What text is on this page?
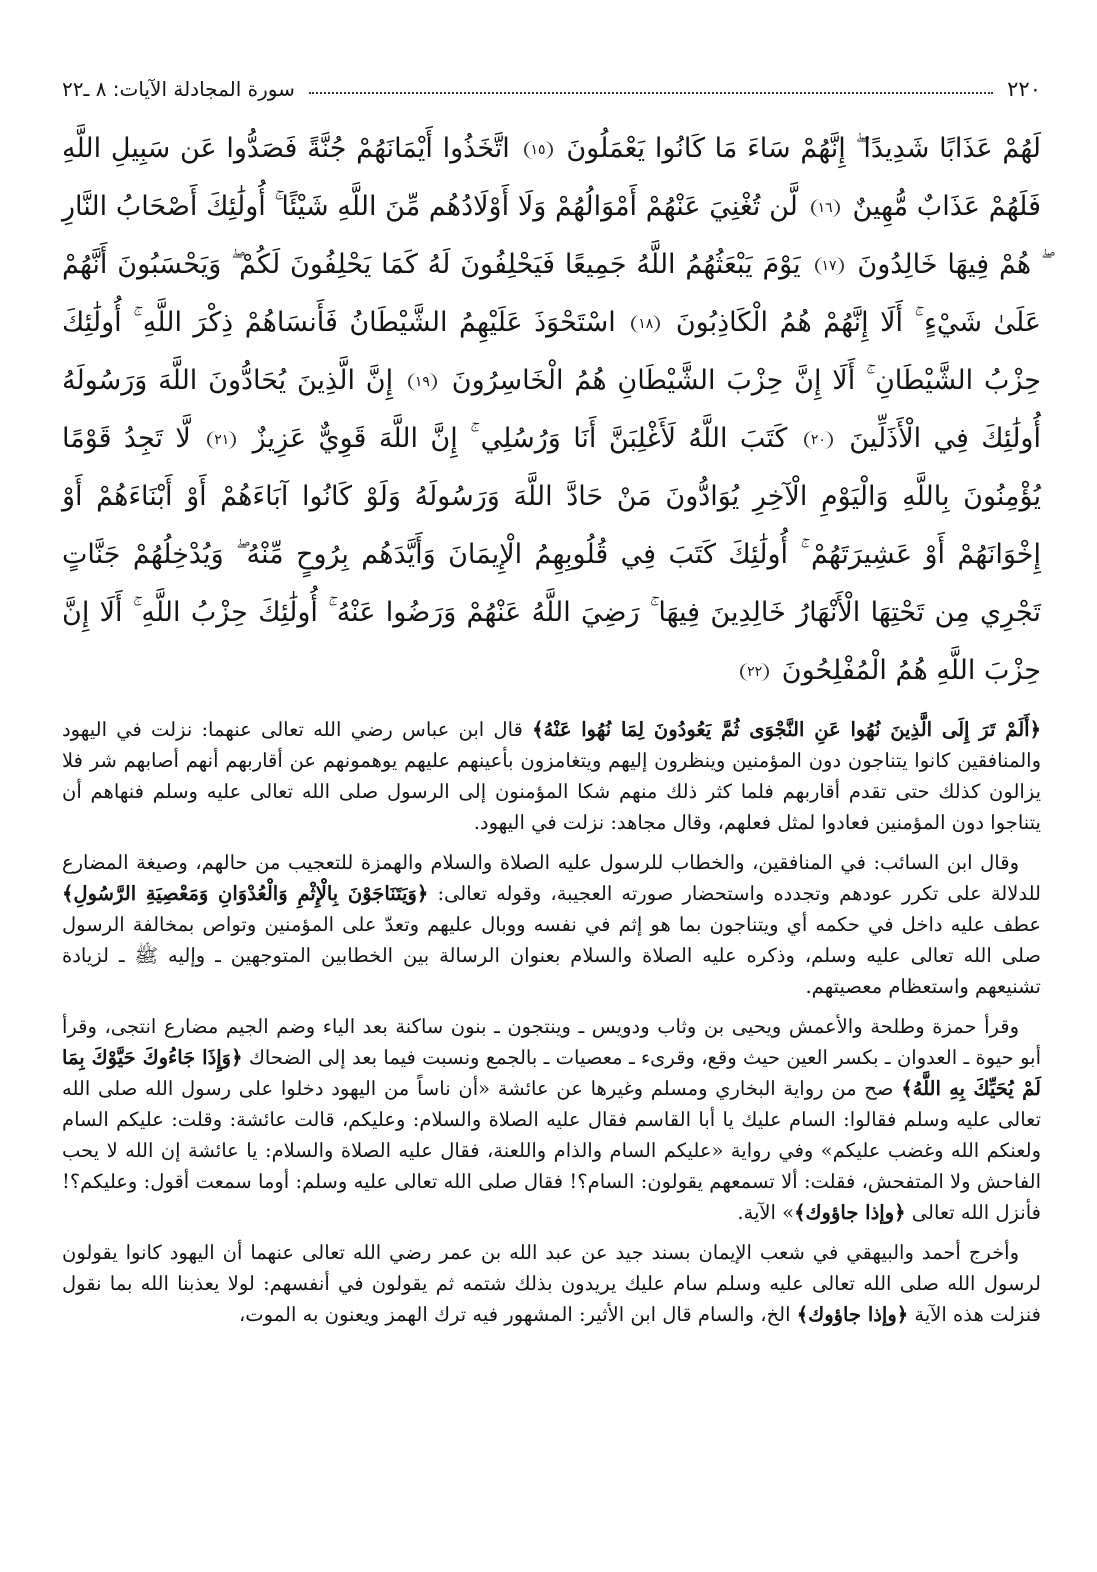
٢٢٠
سورة المجادلة الآيات: ٨ ـ٢٢
لَهُمْ عَذَابًا شَدِيدًا ۖ إِنَّهُمْ سَاءَ مَا كَانُوا يَعْمَلُونَ ١٥ اتَّخَذُوا أَيْمَانَهُمْ جُنَّةً فَصَدُّوا عَن سَبِيلِ اللَّهِ فَلَهُمْ عَذَابٌ مُّهِينٌ ١٦ لَّن تُغْنِيَ عَنْهُمْ أَمْوَالُهُمْ وَلَا أَوْلَادُهُم مِّنَ اللَّهِ شَيْئًا ۚ أُولَٰئِكَ أَصْحَابُ النَّارِ ۖ هُمْ فِيهَا خَالِدُونَ ١٧ يَوْمَ يَبْعَثُهُمُ اللَّهُ جَمِيعًا فَيَحْلِفُونَ لَهُ كَمَا يَحْلِفُونَ لَكُمْ ۖ وَيَحْسَبُونَ أَنَّهُمْ عَلَىٰ شَيْءٍ ۚ أَلَا إِنَّهُمْ هُمُ الْكَاذِبُونَ ١٨ اسْتَحْوَذَ عَلَيْهِمُ الشَّيْطَانُ فَأَنسَاهُمْ ذِكْرَ اللَّهِ ۚ أُولَٰئِكَ حِزْبُ الشَّيْطَانِ ۚ أَلَا إِنَّ حِزْبَ الشَّيْطَانِ هُمُ الْخَاسِرُونَ ١٩ إِنَّ الَّذِينَ يُحَادُّونَ اللَّهَ وَرَسُولَهُ أُولَٰئِكَ فِي الْأَذَلِّينَ ٢٠ كَتَبَ اللَّهُ لَأَغْلِبَنَّ أَنَا وَرُسُلِي ۚ إِنَّ اللَّهَ قَوِيٌّ عَزِيزٌ ٢١ لَّا تَجِدُ قَوْمًا يُؤْمِنُونَ بِاللَّهِ وَالْيَوْمِ الْآخِرِ يُوَادُّونَ مَنْ حَادَّ اللَّهَ وَرَسُولَهُ وَلَوْ كَانُوا آبَاءَهُمْ أَوْ أَبْنَاءَهُمْ أَوْ إِخْوَانَهُمْ أَوْ عَشِيرَتَهُمْ ۚ أُولَٰئِكَ كَتَبَ فِي قُلُوبِهِمُ الْإِيمَانَ وَأَيَّدَهُم بِرُوحٍ مِّنْهُ ۖ وَيُدْخِلُهُمْ جَنَّاتٍ تَجْرِي مِن تَحْتِهَا الْأَنْهَارُ خَالِدِينَ فِيهَا ۚ رَضِيَ اللَّهُ عَنْهُمْ وَرَضُوا عَنْهُ ۚ أُولَٰئِكَ حِزْبُ اللَّهِ ۚ أَلَا إِنَّ حِزْبَ اللَّهِ هُمُ الْمُفْلِحُونَ ٢٢

﴿أَلَمْ تَرَ إِلَى الَّذِينَ نُهُوا عَنِ النَّجْوَى ثُمَّ يَعُودُونَ لِمَا نُهُوا عَنْهُ﴾ قال ابن عباس رضي الله تعالى عنهما: نزلت في اليهود والمنافقين كانوا يتناجون دون المؤمنين وينظرون إليهم ويتغامزون بأعينهم عليهم يوهمونهم عن أقاربهم أنهم أصابهم شر فلا يزالون كذلك حتى تقدم أقاربهم فلما كثر ذلك منهم شكا المؤمنون إلى الرسول صلى الله تعالى عليه وسلم فنهاهم أن يتناجوا دون المؤمنين فعادوا لمثل فعلهم، وقال مجاهد: نزلت في اليهود.

وقال ابن السائب: في المنافقين، والخطاب للرسول عليه الصلاة والسلام والهمزة للتعجيب من حالهم، وصيغة المضارع للدلالة على تكرر عودهم وتجدده واستحضار صورته العجيبة، وقوله تعالى: ﴿وَيَتَنَاجَوْنَ بِالْإِثْمِ وَالْعُدْوَانِ وَمَعْصِيَةِ الرَّسُولِ﴾ عطف عليه داخل في حكمه أي ويتناجون بما هو إثم في نفسه ووبال عليهم وتعدّ على المؤمنين وتواص بمخالفة الرسول صلى الله تعالى عليه وسلم، وذكره عليه الصلاة والسلام بعنوان الرسالة بين الخطابين المتوجهين ـ وإليه ﷺ ـ لزيادة تشنيعهم واستعظام معصيتهم.

وقرأ حمزة وطلحة والأعمش ويحيى بن وثاب ودويس ـ وينتجون ـ بنون ساكنة بعد الياء وضم الجيم مضارع انتجى، وقرأ أبو حيوة ـ العدوان ـ بكسر العين حيث وقع، وقرىء ـ معصيات ـ بالجمع ونسبت فيما بعد إلى الضحاك ﴿وَإِذَا جَاءُوكَ حَيَّوْكَ بِمَا لَمْ يُحَيِّكَ بِهِ اللَّهُ﴾ صح من رواية البخاري ومسلم وغيرها عن عائشة «أن ناساً من اليهود دخلوا على رسول الله صلى الله تعالى عليه وسلم فقالوا: السام عليك يا أبا القاسم فقال عليه الصلاة والسلام: وعليكم، قالت عائشة: وقلت: عليكم السام ولعنكم الله وغضب عليكم» وفي رواية «عليكم السام والذام واللعنة، فقال عليه الصلاة والسلام: يا عائشة إن الله لا يحب الفاحش ولا المتفحش، فقلت: ألا تسمعهم يقولون: السام؟! فقال صلى الله تعالى عليه وسلم: أوما سمعت أقول: وعليكم؟! فأنزل الله تعالى ﴿وإذا جاؤوك﴾» الآية.

وأخرج أحمد والبيهقي في شعب الإيمان بسند جيد عن عبد الله بن عمر رضي الله تعالى عنهما أن اليهود كانوا يقولون لرسول الله صلى الله تعالى عليه وسلم سام عليك يريدون بذلك شتمه ثم يقولون في أنفسهم: لولا يعذبنا الله بما نقول فنزلت هذه الآية ﴿وإذا جاؤوك﴾ الخ، والسام قال ابن الأثير: المشهور فيه ترك الهمز ويعنون به الموت،
